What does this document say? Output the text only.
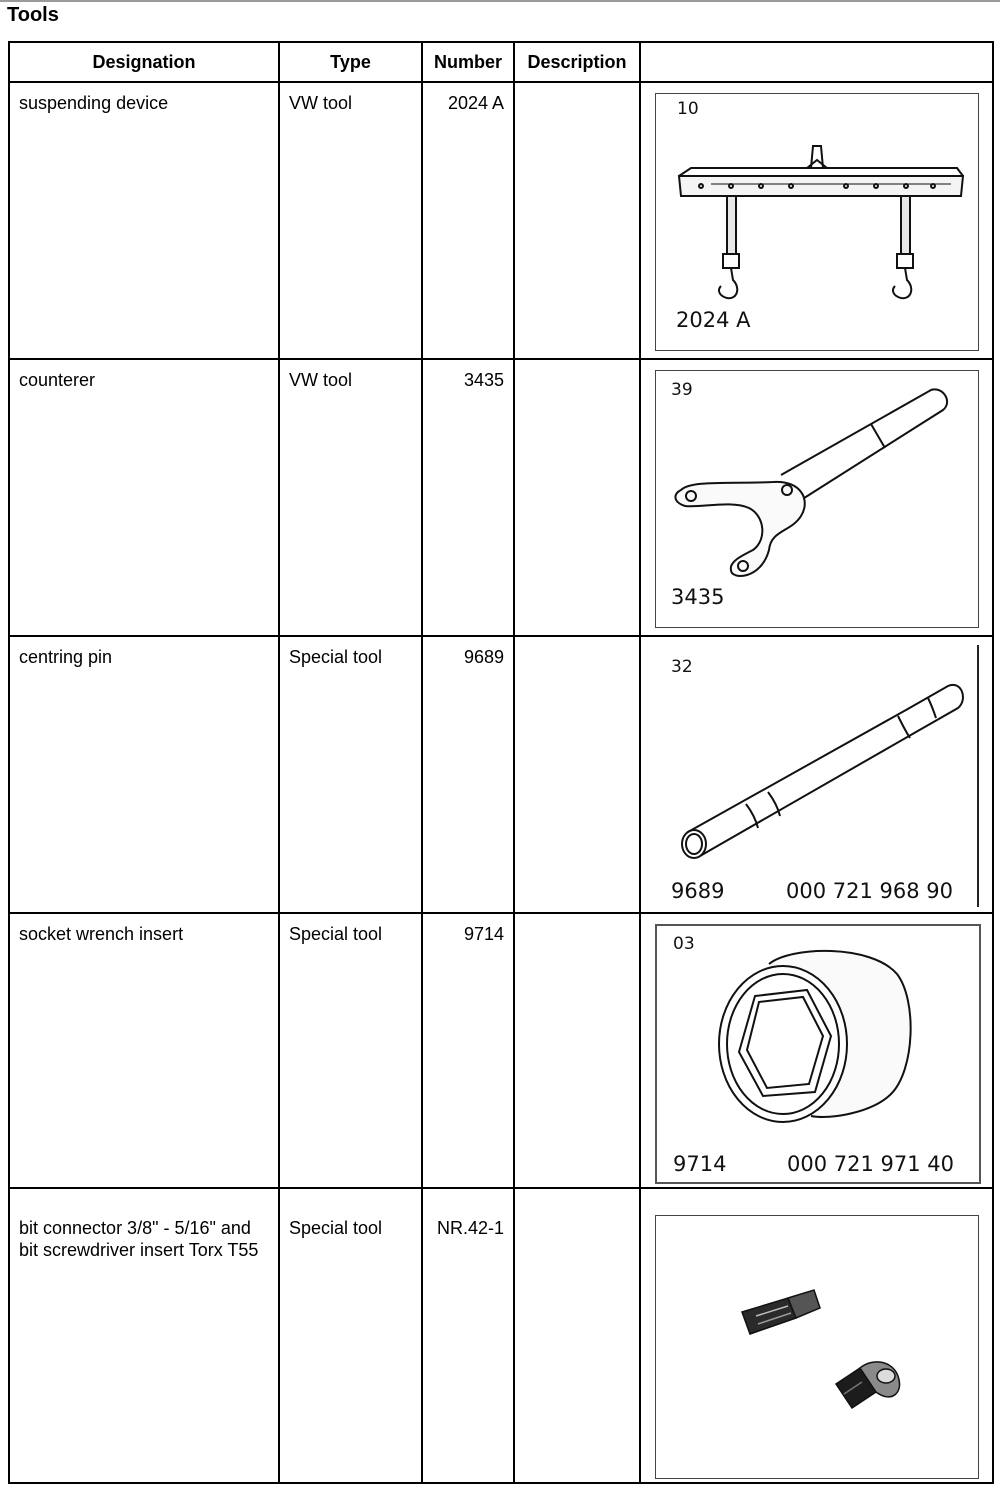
Tools
Designation	Type	Number	Description	

suspending device	VW tool	2024 A		10
2024 A

counterer	VW tool	3435		39
3435

centring pin	Special tool	9689		32
9689 000 721 968 90

socket wrench insert	Special tool	9714		03
9714 000 721 971 40

bit connector 3/8" - 5/16" and bit screwdriver insert Torx T55	Special tool	NR.42-1
